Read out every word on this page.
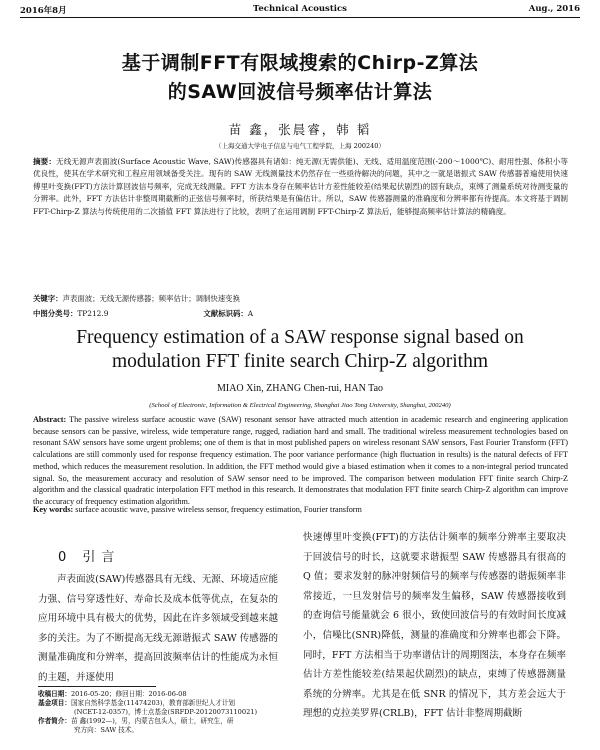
2016年8月	Technical Acoustics	Aug., 2016
基于调制FFT有限域搜索的Chirp-Z算法
的SAW回波信号频率估计算法
苗 鑫，张晨睿，韩 韬
（上海交通大学电子信息与电气工程学院，上海 200240）
摘要：无线无源声表面波(Surface Acoustic Wave, SAW)传感器具有诸如：纯无源(无需供能)、无线、适用温度范围(-200～1000℃)、耐用性强、体积小等优良性，使其在学术研究和工程应用领域备受关注。现有的 SAW 无线测量技术仍然存在一些亟待解决的问题，其中之一就是谐振式 SAW 传感器普遍使用快速傅里叶变换(FFT)方法计算回波信号频率，完成无线测量。FFT 方法本身存在频率估计方差性能较差(结果起伏剧烈)的固有缺点，束缚了测量系统对待测变量的分辨率。此外，FFT 方法估计非整周期截断的正弦信号频率时，所获结果是有偏估计。所以，SAW 传感器测量的准确度和分辨率都有待提高。本文将基于调制 FFT-Chirp-Z 算法与传统使用的二次插值 FFT 算法进行了比较，表明了在运用调制 FFT-Chirp-Z 算法后，能够提高频率估计算法的精确度。
关键字：声表面波；无线无源传感器；频率估计；调制快速变换
中图分类号：TP212.9	文献标识码：A
Frequency estimation of a SAW response signal based on
modulation FFT finite search Chirp-Z algorithm
MIAO Xin, ZHANG Chen-rui, HAN Tao
(School of Electronic, Information & Electrical Engineering, Shanghai Jiao Tong University, Shanghai, 200240)
Abstract: The passive wireless surface acoustic wave (SAW) resonant sensor have attracted much attention in academic research and engineering application because sensors can be passive, wireless, wide temperature range, rugged, radiation hard and small. The traditional wireless measurement technologies based on resonant SAW sensors have some urgent problems; one of them is that in most published papers on wireless resonant SAW sensors, Fast Fourier Transform (FFT) calculations are still commonly used for response frequency estimation. The poor variance performance (high fluctuation in results) is the natural defects of FFT method, which reduces the measurement resolution. In addition, the FFT method would give a biased estimation when it comes to a non-integral period truncated signal. So, the measurement accuracy and resolution of SAW sensor need to be improved. The comparison between modulation FFT finite search Chirp-Z algorithm and the classical quadratic interpolation FFT method in this research. It demonstrates that modulation FFT finite search Chirp-Z algorithm can improve the accuracy of frequency estimation algorithm.
Key words: surface acoustic wave, passive wireless sensor, frequency estimation, Fourier transform
0 引言
声表面波(SAW)传感器具有无线、无源、环境适应能力强、信号穿透性好、寿命长及成本低等优点，在复杂的应用环境中具有极大的优势，因此在许多领域受到越来越多的关注。为了不断提高无线无源谐振式 SAW 传感器的测量准确度和分辨率，提高回波频率估计的性能成为永恒的主题，并逐使用
快速傅里叶变换(FFT)的方法估计频率的频率分辨率主要取决于回波信号的时长，这就要求谐振型 SAW 传感器具有很高的 Q 值；要求发射的脉冲射频信号的频率与传感器的谐振频率非常接近，一旦发射信号的频率发生偏移，SAW 传感器接收到的查询信号能量就会 6 很小，致使回波信号的有效时间长度减小，信噪比(SNR)降低，测量的准确度和分辨率也都会下降。同时，FFT 方法相当于功率谱估计的周期图法，本身存在频率估计方差性能较差(结果起伏剧烈)的缺点，束缚了传感器测量系统的分辨率。尤其是在低 SNR 的情况下，其方差会远大于理想的克拉美罗界(CRLB)，FFT 估计非整周期截断
收稿日期：2016-05-20；修回日期：2016-06-08
基金项目：国家自然科学基金(11474203)，教育部新世纪人才计划
(NCET-12-0357)，博士点基金(SRFDP-20120073110021)
作者简介：苗 鑫(1992—)，男，内蒙古包头人，硕士，研究生，研
究方向：SAW 技术。
